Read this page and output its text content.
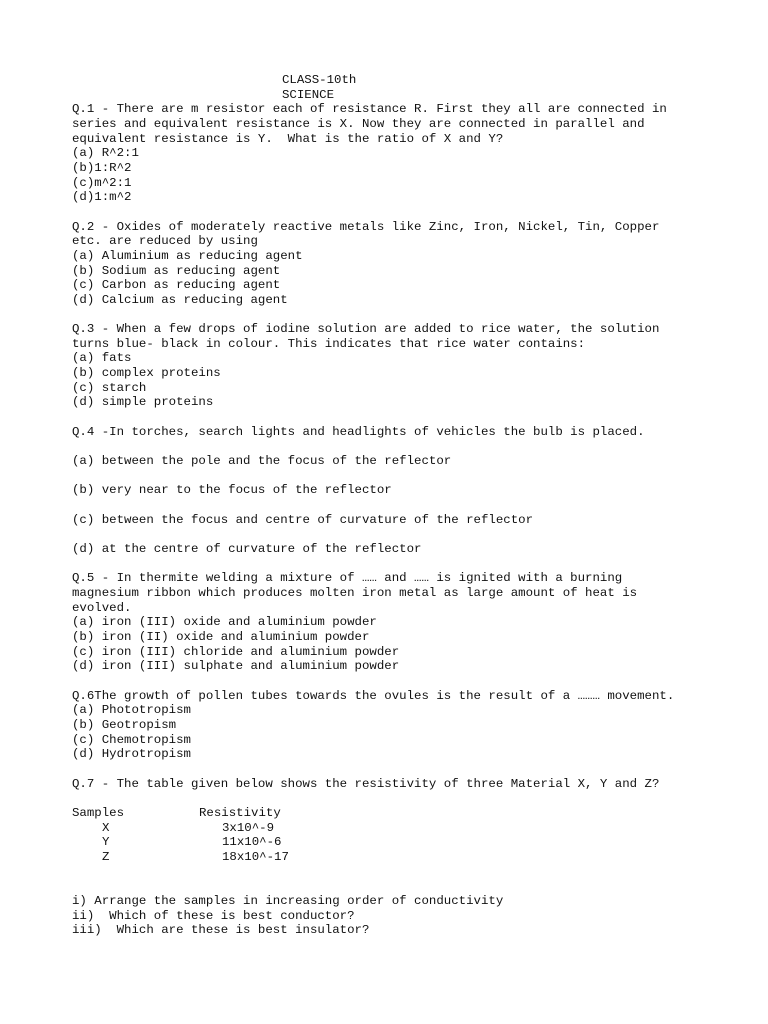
CLASS-10th
SCIENCE
Q.1 - There are m resistor each of resistance R. First they all are connected in
series and equivalent resistance is X. Now they are connected in parallel and
equivalent resistance is Y.  What is the ratio of X and Y?
(a) R^2:1
(b)1:R^2
(c)m^2:1
(d)1:m^2
Q.2 - Oxides of moderately reactive metals like Zinc, Iron, Nickel, Tin, Copper
etc. are reduced by using
(a) Aluminium as reducing agent
(b) Sodium as reducing agent
(c) Carbon as reducing agent
(d) Calcium as reducing agent
Q.3 - When a few drops of iodine solution are added to rice water, the solution
turns blue- black in colour. This indicates that rice water contains:
(a) fats
(b) complex proteins
(c) starch
(d) simple proteins
Q.4 -In torches, search lights and headlights of vehicles the bulb is placed.
(a) between the pole and the focus of the reflector
(b) very near to the focus of the reflector
(c) between the focus and centre of curvature of the reflector
(d) at the centre of curvature of the reflector
Q.5 - In thermite welding a mixture of …… and …… is ignited with a burning
magnesium ribbon which produces molten iron metal as large amount of heat is
evolved.
(a) iron (III) oxide and aluminium powder
(b) iron (II) oxide and aluminium powder
(c) iron (III) chloride and aluminium powder
(d) iron (III) sulphate and aluminium powder
Q.6The growth of pollen tubes towards the ovules is the result of a ……… movement.
(a) Phototropism
(b) Geotropism
(c) Chemotropism
(d) Hydrotropism
Q.7 - The table given below shows the resistivity of three Material X, Y and Z?
Samples	Resistivity
X	3x10^-9
Y	11x10^-6
Z	18x10^-17
i) Arrange the samples in increasing order of conductivity
ii)  Which of these is best conductor?
iii)  Which are these is best insulator?
